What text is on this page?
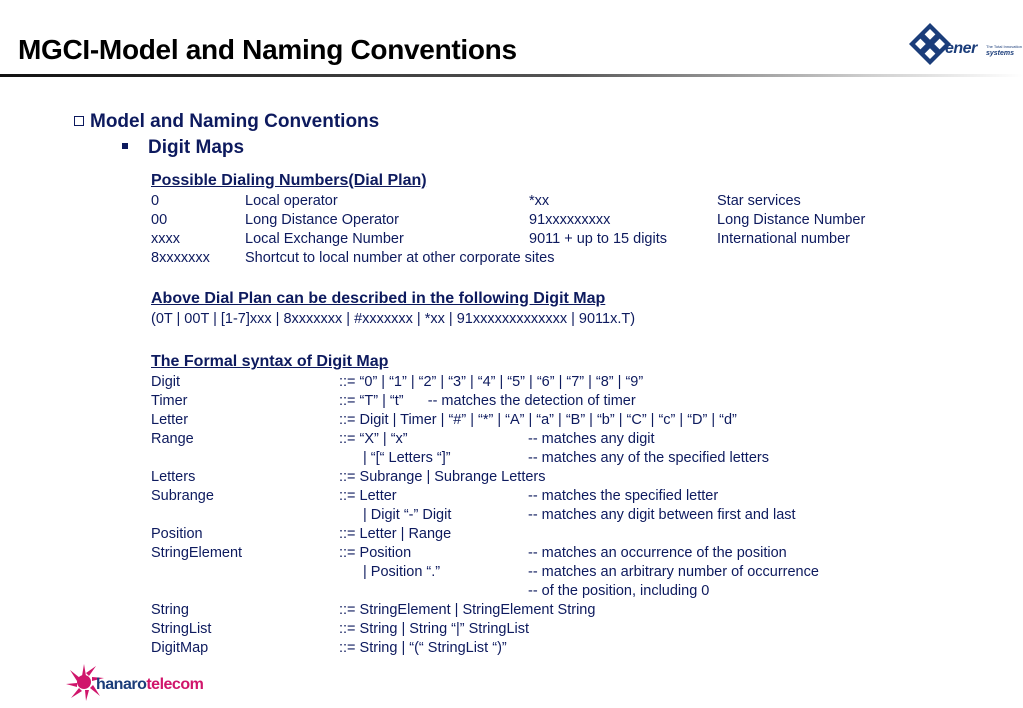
MGCI-Model and Naming Conventions	ener The Total Innovation
systems
Model and Naming Conventions
Digit Maps
Possible Dialing Numbers(Dial Plan)
0	Local operator	*xx	Star services
00	Long Distance Operator	91xxxxxxxxx	Long Distance Number
xxxx	Local Exchange Number	9011 + up to 15 digits	International number
8xxxxxxx Shortcut to local number at other corporate sites
Above Dial Plan can be described in the following Digit Map
(0T | 00T | [1-7]xxx | 8xxxxxxx | #xxxxxxx | *xx | 91xxxxxxxxxxxxx | 9011x.T)
The Formal syntax of Digit Map
Digit	::= “0” | “1” | “2” | “3” | “4” | “5” | “6” | “7” | “8” | “9”
Timer	::= “T” | “t”      -- matches the detection of timer
Letter	::= Digit | Timer | “#” | “*” | “A” | “a” | “B” | “b” | “C” | “c” | “D” | “d”
Range	::= “X” | “x”	-- matches any digit
| “[“ Letters “]”	-- matches any of the specified letters
Letters	::= Subrange | Subrange Letters
Subrange	::= Letter	-- matches the specified letter
| Digit “-” Digit	-- matches any digit between first and last
Position	::= Letter | Range
StringElement	::= Position	-- matches an occurrence of the position
| Position “.”	-- matches an arbitrary number of occurrence
-- of the position, including 0
String	::= StringElement | StringElement String
StringList	::= String | String “|” StringList
DigitMap	::= String | “(“ StringList “)”
hanarotelecom
